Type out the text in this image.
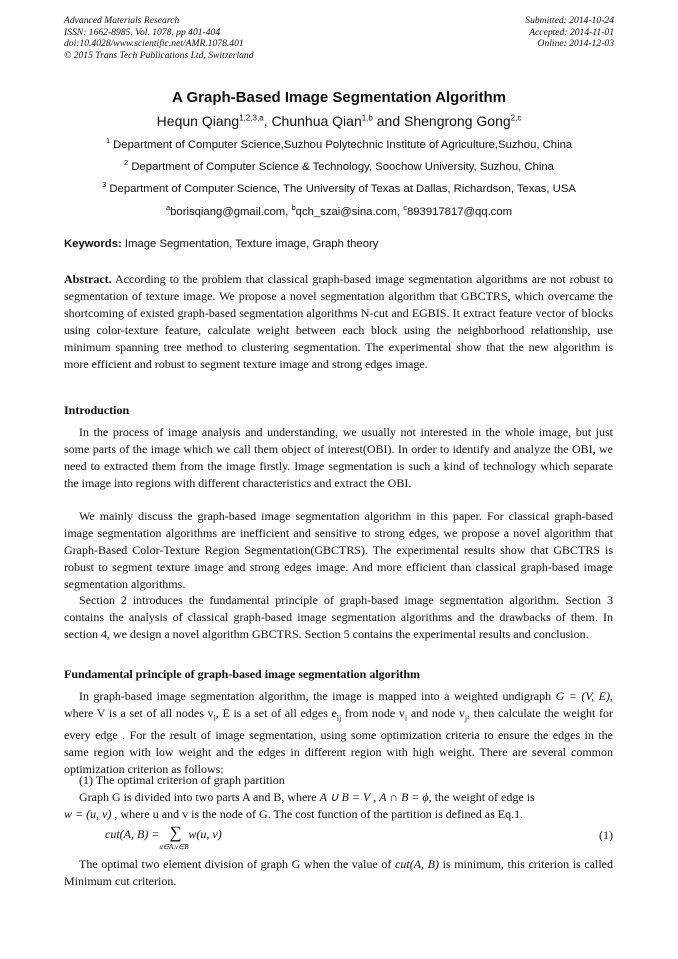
Advanced Materials Research
ISSN: 1662-8985, Vol. 1078, pp 401-404
doi:10.4028/www.scientific.net/AMR.1078.401
© 2015 Trans Tech Publications Ltd, Switzerland
Submitted: 2014-10-24
Accepted: 2014-11-01
Online: 2014-12-03
A Graph-Based Image Segmentation Algorithm
Hequn Qiang$^{1,2,3,a}$, Chunhua Qian$^{1,b}$ and Shengrong Gong$^{2,c}$
$^1$ Department of Computer Science,Suzhou Polytechnic Institute of Agriculture,Suzhou, China
$^2$ Department of Computer Science & Technology, Soochow University, Suzhou, China
$^3$ Department of Computer Science, The University of Texas at Dallas, Richardson, Texas, USA
$^a$borisqiang@gmail.com, $^b$qch_szai@sina.com, $^c$893917817@qq.com
Keywords: Image Segmentation, Texture image, Graph theory
Abstract. According to the problem that classical graph-based image segmentation algorithms are not robust to segmentation of texture image. We propose a novel segmentation algorithm that GBCTRS, which overcame the shortcoming of existed graph-based segmentation algorithms N-cut and EGBIS. It extract feature vector of blocks using color-texture feature, calculate weight between each block using the neighborhood relationship, use minimum spanning tree method to clustering segmentation. The experimental show that the new algorithm is more efficient and robust to segment texture image and strong edges image.
Introduction
In the process of image analysis and understanding, we usually not interested in the whole image, but just some parts of the image which we call them object of interest(OBI). In order to identify and analyze the OBI, we need to extracted them from the image firstly. Image segmentation is such a kind of technology which separate the image into regions with different characteristics and extract the OBI.
We mainly discuss the graph-based image segmentation algorithm in this paper. For classical graph-based image segmentation algorithms are inefficient and sensitive to strong edges, we propose a novel algorithm that Graph-Based Color-Texture Region Segmentation(GBCTRS). The experimental results show that GBCTRS is robust to segment texture image and strong edges image. And more efficient than classical graph-based image segmentation algorithms.
Section 2 introduces the fundamental principle of graph-based image segmentation algorithm. Section 3 contains the analysis of classical graph-based image segmentation algorithms and the drawbacks of them. In section 4, we design a novel algorithm GBCTRS. Section 5 contains the experimental results and conclusion.
Fundamental principle of graph-based image segmentation algorithm
In graph-based image segmentation algorithm, the image is mapped into a weighted undigraph G = (V, E), where V is a set of all nodes $v_i$, E is a set of all edges $e_{ij}$ from node $v_i$ and node $v_j$, then calculate the weight for every edge . For the result of image segmentation, using some optimization criteria to ensure the edges in the same region with low weight and the edges in different region with high weight. There are several common optimization criterion as follows:
(1) The optimal criterion of graph partition
Graph G is divided into two parts A and B, where A ∪ B = V , A ∩ B = ϕ, the weight of edge is
w = (u, v) , where u and v is the node of G. The cost function of the partition is defined as Eq.1.
cut(A, B) = ∑
u∈A,v∈B
w(u, v)	(1)
The optimal two element division of graph G when the value of cut(A, B) is minimum, this criterion is called Minimum cut criterion.
